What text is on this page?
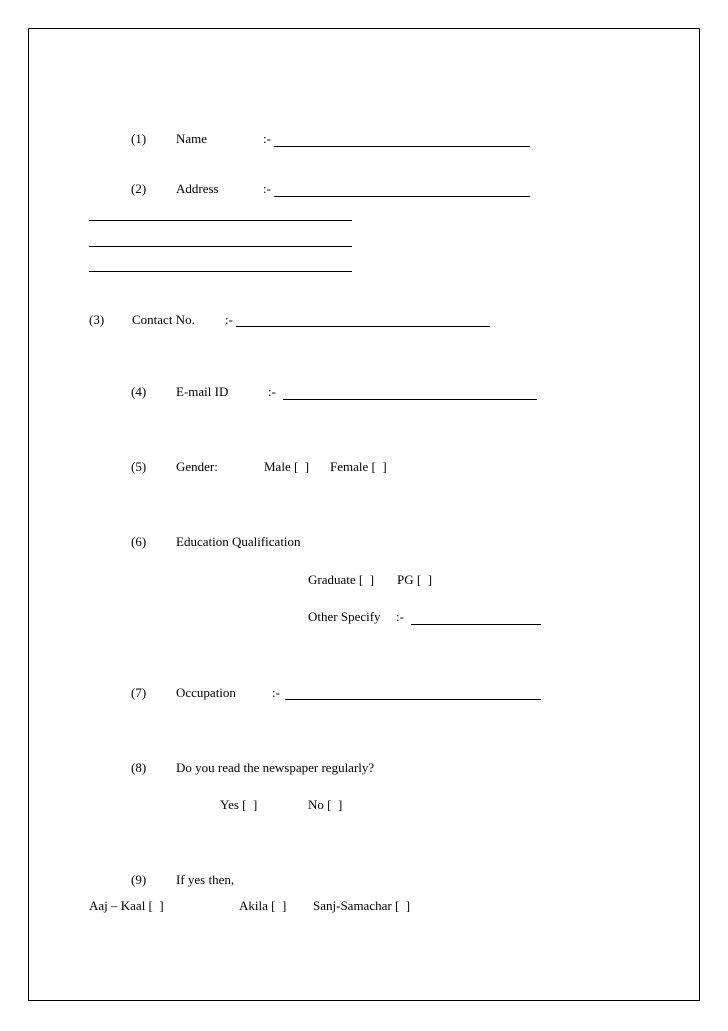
(1) Name	:-
(2) Address	:-
(3) Contact No. :-
(4) E-mail ID	:-
(5) Gender:	Male [  ] Female [  ]
(6) Education Qualification
Graduate [  ] PG [  ]
Other Specify :-
(7) Occupation	:-
(8) Do you read the newspaper regularly?
Yes [  ]	No [  ]
(9) If yes then,
Aaj – Kaal [  ]	Akila [  ] Sanj-Samachar [  ]
